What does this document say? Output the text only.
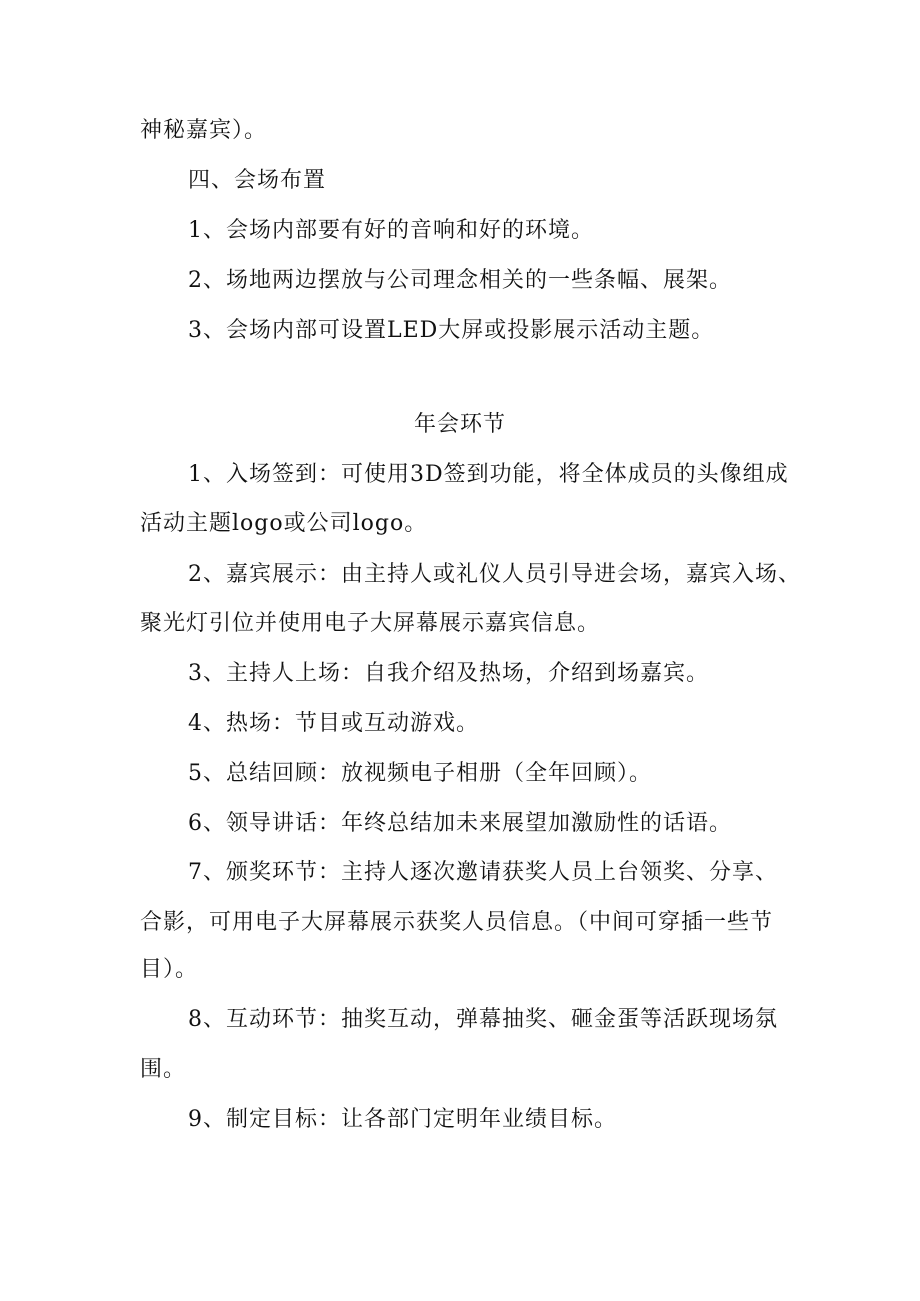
神秘嘉宾）。
四、会场布置
1、会场内部要有好的音响和好的环境。
2、场地两边摆放与公司理念相关的一些条幅、展架。
3、会场内部可设置LED大屏或投影展示活动主题。
年会环节
1、入场签到：可使用3D签到功能，将全体成员的头像组成
活动主题logo或公司logo。
2、嘉宾展示：由主持人或礼仪人员引导进会场，嘉宾入场、
聚光灯引位并使用电子大屏幕展示嘉宾信息。
3、主持人上场：自我介绍及热场，介绍到场嘉宾。
4、热场：节目或互动游戏。
5、总结回顾：放视频电子相册（全年回顾）。
6、领导讲话：年终总结加未来展望加激励性的话语。
7、颁奖环节：主持人逐次邀请获奖人员上台领奖、分享、
合影，可用电子大屏幕展示获奖人员信息。（中间可穿插一些节
目）。
8、互动环节：抽奖互动，弹幕抽奖、砸金蛋等活跃现场氛
围。
9、制定目标：让各部门定明年业绩目标。
